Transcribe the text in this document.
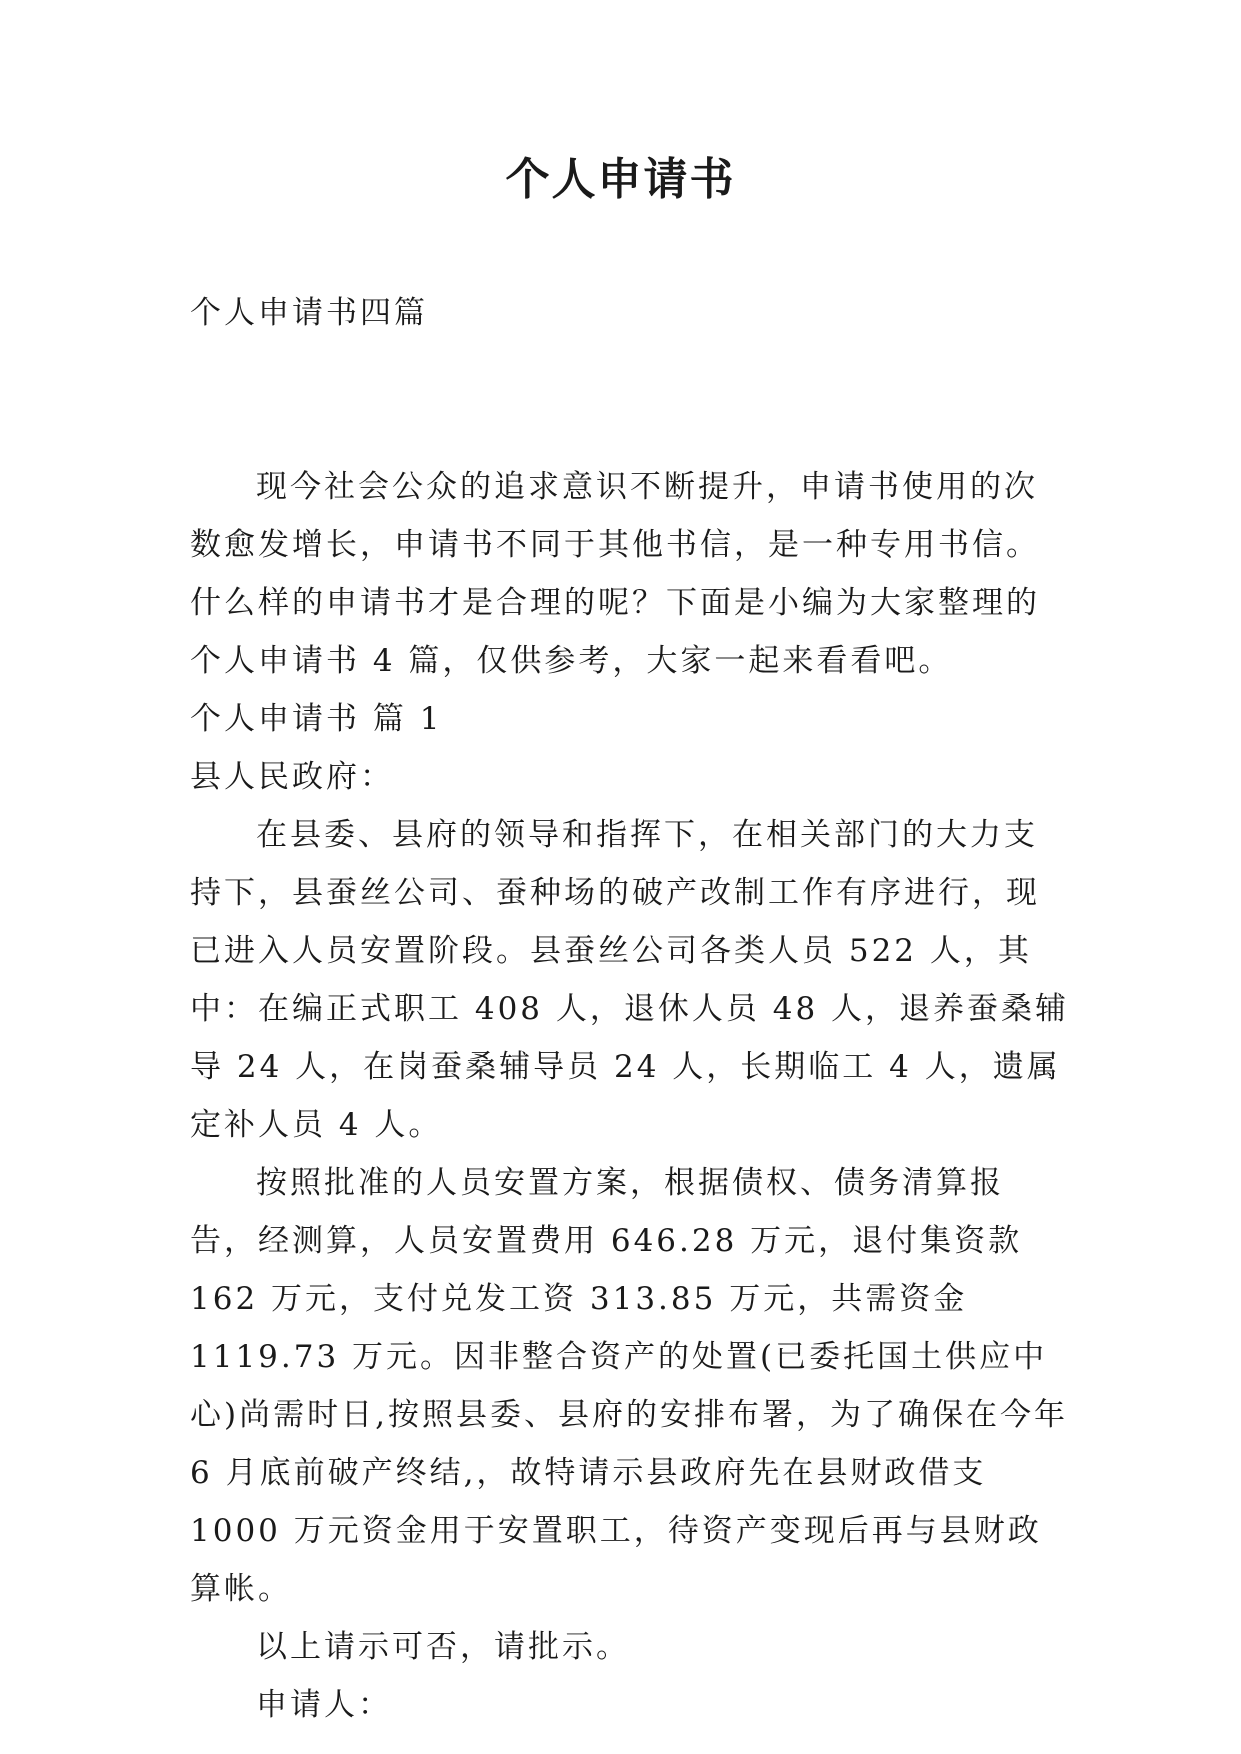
个人申请书

个人申请书四篇

现今社会公众的追求意识不断提升，申请书使用的次数愈发增长，申请书不同于其他书信，是一种专用书信。什么样的申请书才是合理的呢？下面是小编为大家整理的个人申请书 4 篇，仅供参考，大家一起来看看吧。

个人申请书 篇 1

县人民政府：

在县委、县府的领导和指挥下，在相关部门的大力支持下，县蚕丝公司、蚕种场的破产改制工作有序进行，现已进入人员安置阶段。县蚕丝公司各类人员 522 人，其中：在编正式职工 408 人，退休人员 48 人，退养蚕桑辅导 24 人，在岗蚕桑辅导员 24 人，长期临工 4 人，遗属定补人员 4 人。

按照批准的人员安置方案，根据债权、债务清算报告，经测算，人员安置费用 646.28 万元，退付集资款 162 万元，支付兑发工资 313.85 万元，共需资金 1119.73 万元。因非整合资产的处置(已委托国土供应中心)尚需时日,按照县委、县府的安排布署，为了确保在今年 6 月底前破产终结,，故特请示县政府先在县财政借支 1000 万元资金用于安置职工，待资产变现后再与县财政算帐。

以上请示可否，请批示。

申请人：
